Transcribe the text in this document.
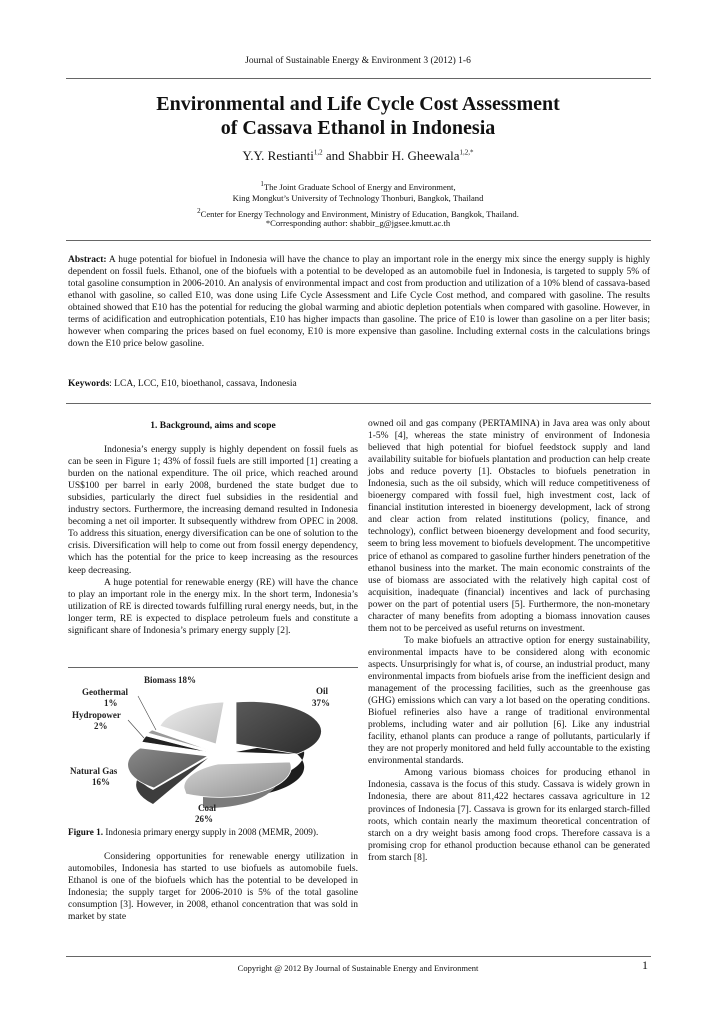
Journal of Sustainable Energy & Environment 3 (2012) 1-6
Environmental and Life Cycle Cost Assessment
of Cassava Ethanol in Indonesia
Y.Y. Restianti$^{1,2}$ and Shabbir H. Gheewala$^{1,2,*}$
$^1$The Joint Graduate School of Energy and Environment,
King Mongkut’s University of Technology Thonburi, Bangkok, Thailand
$^2$Center for Energy Technology and Environment, Ministry of Education, Bangkok, Thailand.
*Corresponding author: shabbir_g@jgsee.kmutt.ac.th
Abstract: A huge potential for biofuel in Indonesia will have the chance to play an important role in the energy mix since the energy supply is highly dependent on fossil fuels. Ethanol, one of the biofuels with a potential to be developed as an automobile fuel in Indonesia, is targeted to supply 5% of total gasoline consumption in 2006-2010. An analysis of environmental impact and cost from production and utilization of a 10% blend of cassava-based ethanol with gasoline, so called E10, was done using Life Cycle Assessment and Life Cycle Cost method, and compared with gasoline. The results obtained showed that E10 has the potential for reducing the global warming and abiotic depletion potentials when compared with gasoline. However, in terms of acidification and eutrophication potentials, E10 has higher impacts than gasoline. The price of E10 is lower than gasoline on a per liter basis; however when comparing the prices based on fuel economy, E10 is more expensive than gasoline. Including external costs in the calculations brings down the E10 price below gasoline.
Keywords: LCA, LCC, E10, bioethanol, cassava, Indonesia

1. Background, aims and scope

Indonesia’s energy supply is highly dependent on fossil fuels as can be seen in Figure 1; 43% of fossil fuels are still imported [1] creating a burden on the national expenditure. The oil price, which reached around US$100 per barrel in early 2008, burdened the state budget due to subsidies, particularly the direct fuel subsidies in the residential and industry sectors. Furthermore, the increasing demand resulted in Indonesia becoming a net oil importer. It subsequently withdrew from OPEC in 2008. To address this situation, energy diversification can be one of solution to the crisis. Diversification will help to come out from fossil energy dependency, which has the potential for the price to keep increasing as the resources keep decreasing.

A huge potential for renewable energy (RE) will have the chance to play an important role in the energy mix. In the short term, Indonesia’s utilization of RE is directed towards fulfilling rural energy needs, but, in the longer term, RE is expected to displace petroleum fuels and constitute a significant share of Indonesia’s primary energy supply [2].

Oil
37%
Coal
26%
Natural Gas
16%
Hydropower
2%
Geothermal
1%
Biomass 18%
Figure 1. Indonesia primary energy supply in 2008 (MEMR, 2009).

Considering opportunities for renewable energy utilization in automobiles, Indonesia has started to use biofuels as automobile fuels. Ethanol is one of the biofuels which has the potential to be developed in Indonesia; the supply target for 2006-2010 is 5% of the total gasoline consumption [3]. However, in 2008, ethanol concentration that was sold in market by state

owned oil and gas company (PERTAMINA) in Java area was only about 1-5% [4], whereas the state ministry of environment of Indonesia believed that high potential for biofuel feedstock supply and land availability suitable for biofuels plantation and production can help create jobs and reduce poverty [1]. Obstacles to biofuels penetration in Indonesia, such as the oil subsidy, which will reduce competitiveness of bioenergy compared with fossil fuel, high investment cost, lack of financial institution interested in bioenergy development, lack of strong and clear action from related institutions (policy, finance, and technology), conflict between bioenergy development and food security, seem to bring less movement to biofuels development. The uncompetitive price of ethanol as compared to gasoline further hinders penetration of the ethanol business into the market. The main economic constraints of the use of biomass are associated with the relatively high capital cost of acquisition, inadequate (financial) incentives and lack of purchasing power on the part of potential users [5]. Furthermore, the non-monetary character of many benefits from adopting a biomass innovation causes them not to be perceived as useful returns on investment.

To make biofuels an attractive option for energy sustainability, environmental impacts have to be considered along with economic aspects. Unsurprisingly for what is, of course, an industrial product, many environmental impacts from biofuels arise from the inefficient design and management of the processing facilities, such as the greenhouse gas (GHG) emissions which can vary a lot based on the operating conditions. Biofuel refineries also have a range of traditional environmental problems, including water and air pollution [6]. Like any industrial facility, ethanol plants can produce a range of pollutants, particularly if they are not properly monitored and held fully accountable to the existing environmental standards.

Among various biomass choices for producing ethanol in Indonesia, cassava is the focus of this study. Cassava is widely grown in Indonesia, there are about 811,422 hectares cassava agriculture in 12 provinces of Indonesia [7]. Cassava is grown for its enlarged starch-filled roots, which contain nearly the maximum theoretical concentration of starch on a dry weight basis among food crops. Therefore cassava is a promising crop for ethanol production because ethanol can be generated from starch [8].

Copyright @ 2012 By Journal of Sustainable Energy and Environment	1
